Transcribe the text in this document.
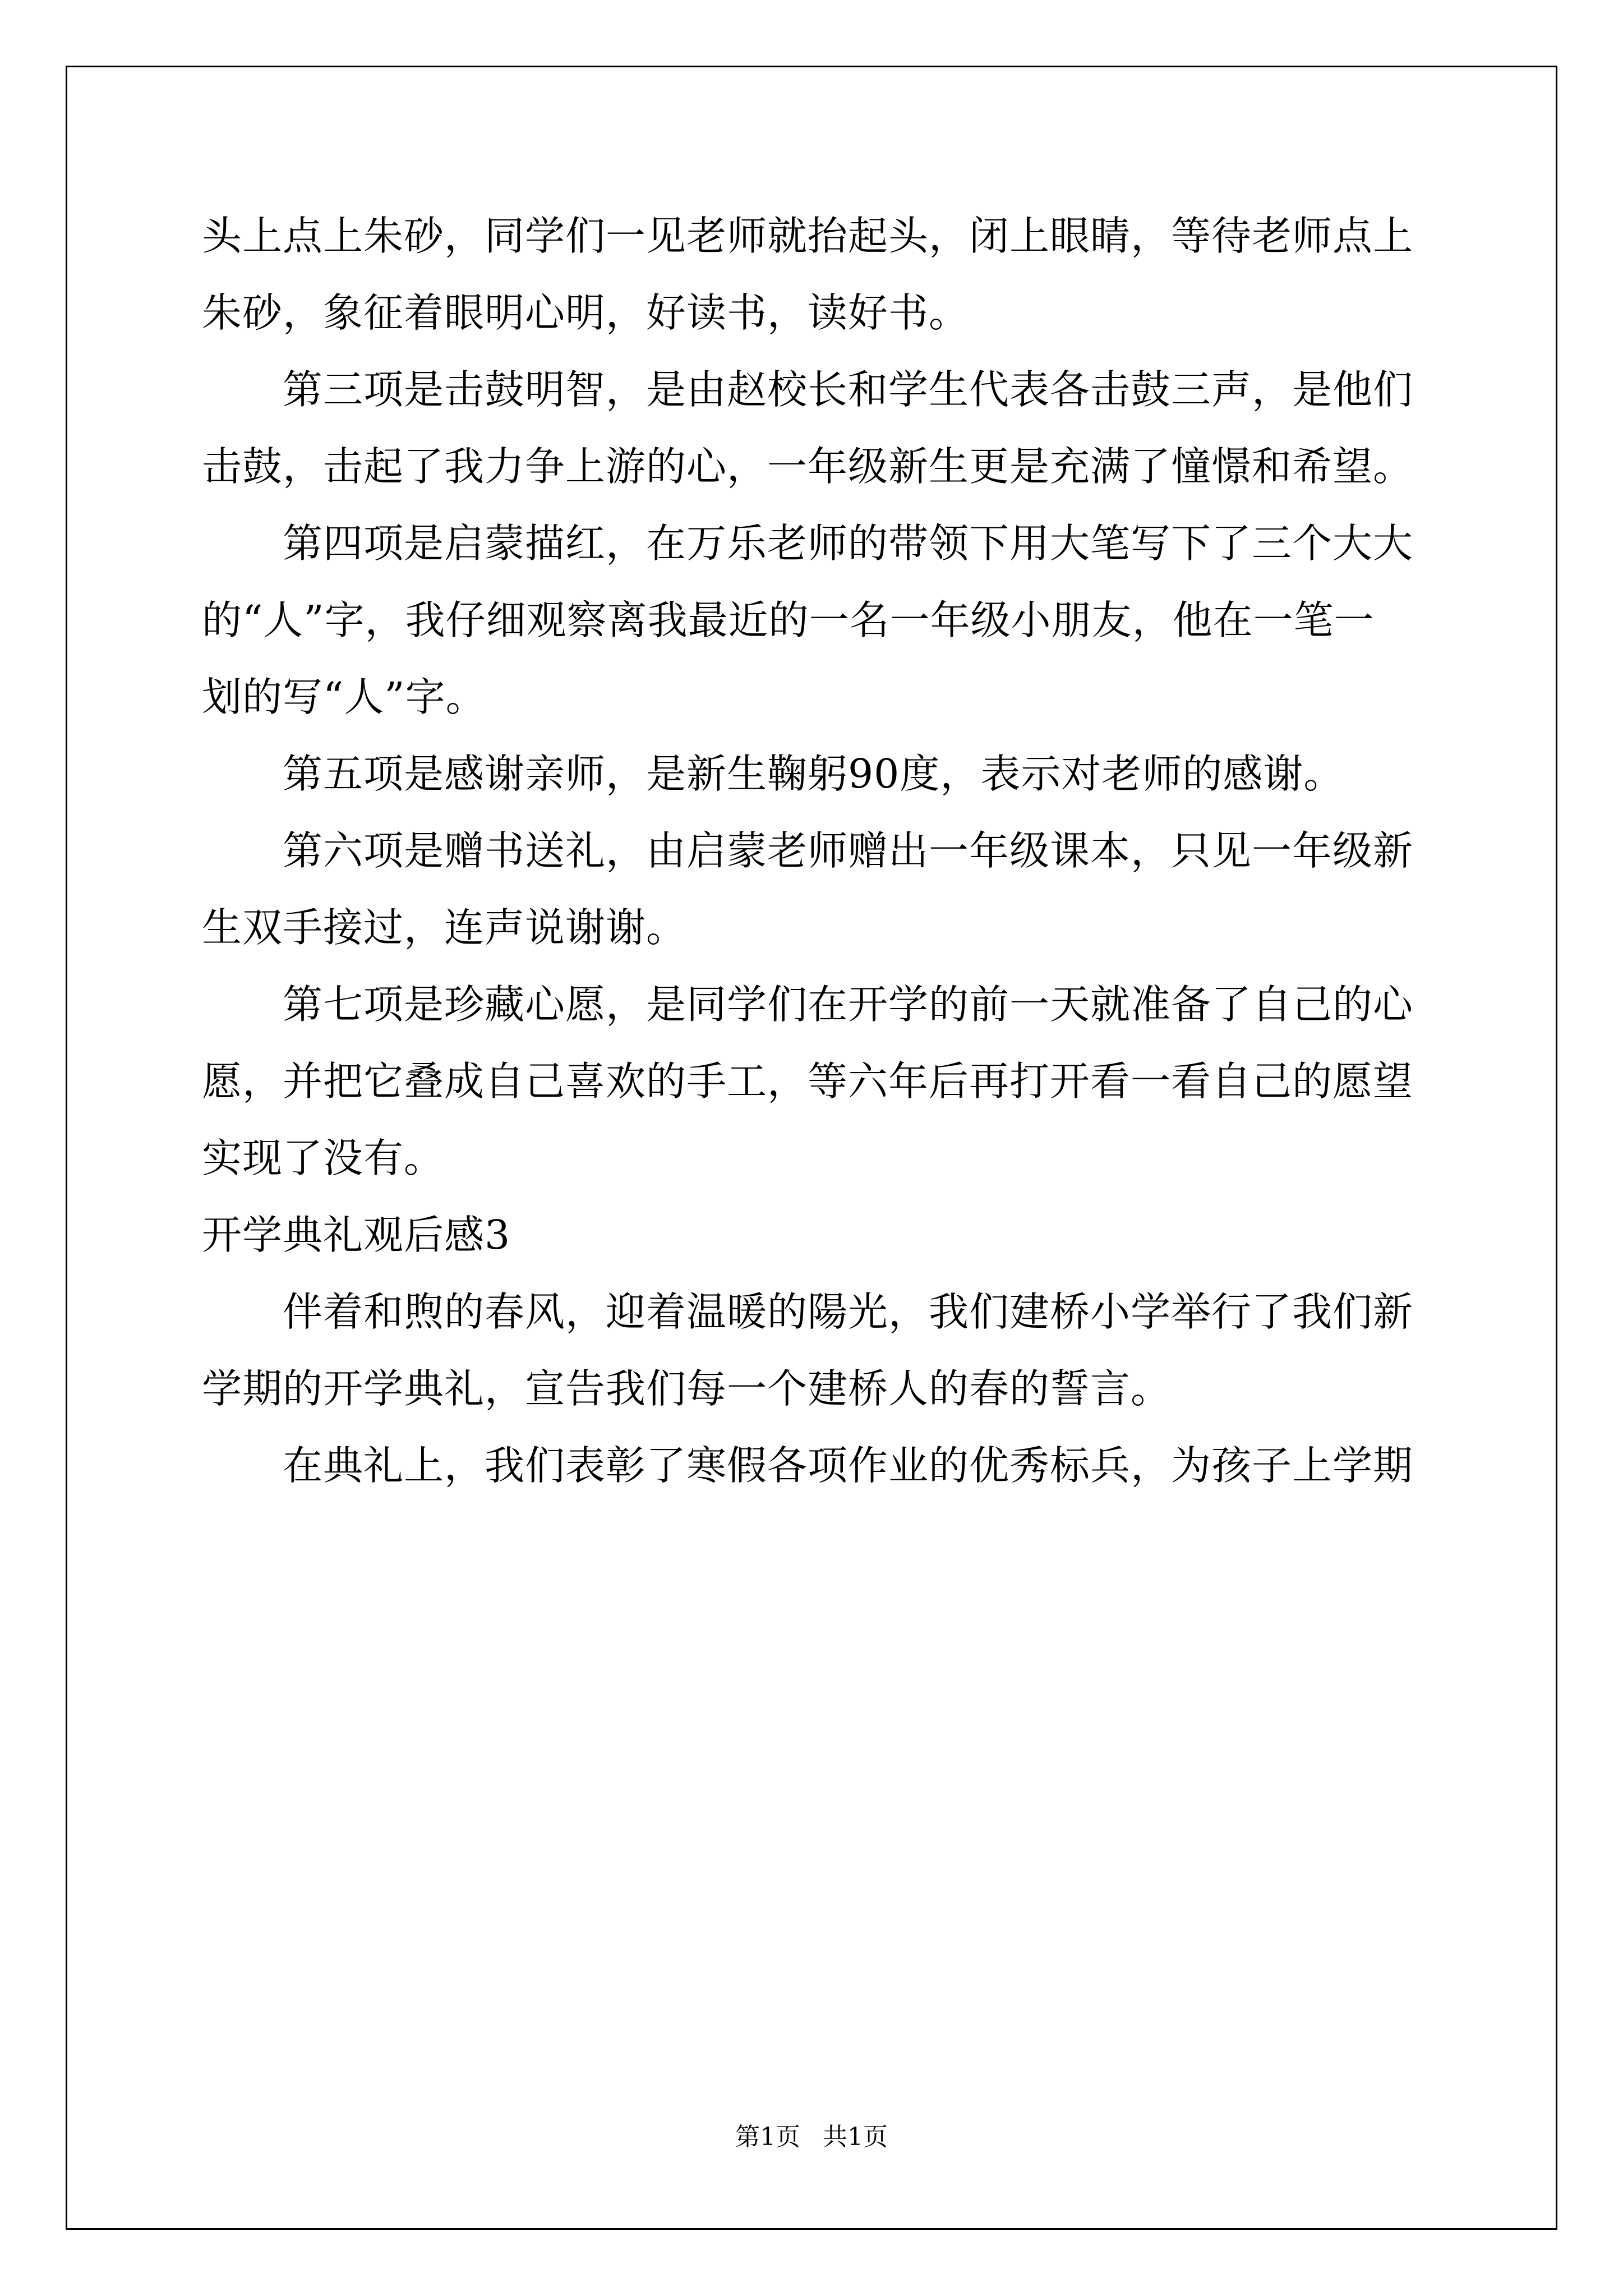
头上点上朱砂，同学们一见老师就抬起头，闭上眼睛，等待老师点上

朱砂，象征着眼明心明，好读书，读好书。

第三项是击鼓明智，是由赵校长和学生代表各击鼓三声，是他们

击鼓，击起了我力争上游的心，一年级新生更是充满了憧憬和希望。

第四项是启蒙描红，在万乐老师的带领下用大笔写下了三个大大

的“人”字，我仔细观察离我最近的一名一年级小朋友，他在一笔一

划的写“人”字。

第五项是感谢亲师，是新生鞠躬90度，表示对老师的感谢。

第六项是赠书送礼，由启蒙老师赠出一年级课本，只见一年级新

生双手接过，连声说谢谢。

第七项是珍藏心愿，是同学们在开学的前一天就准备了自己的心

愿，并把它叠成自己喜欢的手工，等六年后再打开看一看自己的愿望

实现了没有。

开学典礼观后感3

伴着和煦的春风，迎着温暖的陽光，我们建桥小学举行了我们新

学期的开学典礼，宣告我们每一个建桥人的春的誓言。

在典礼上，我们表彰了寒假各项作业的优秀标兵，为孩子上学期

第1页 共1页
